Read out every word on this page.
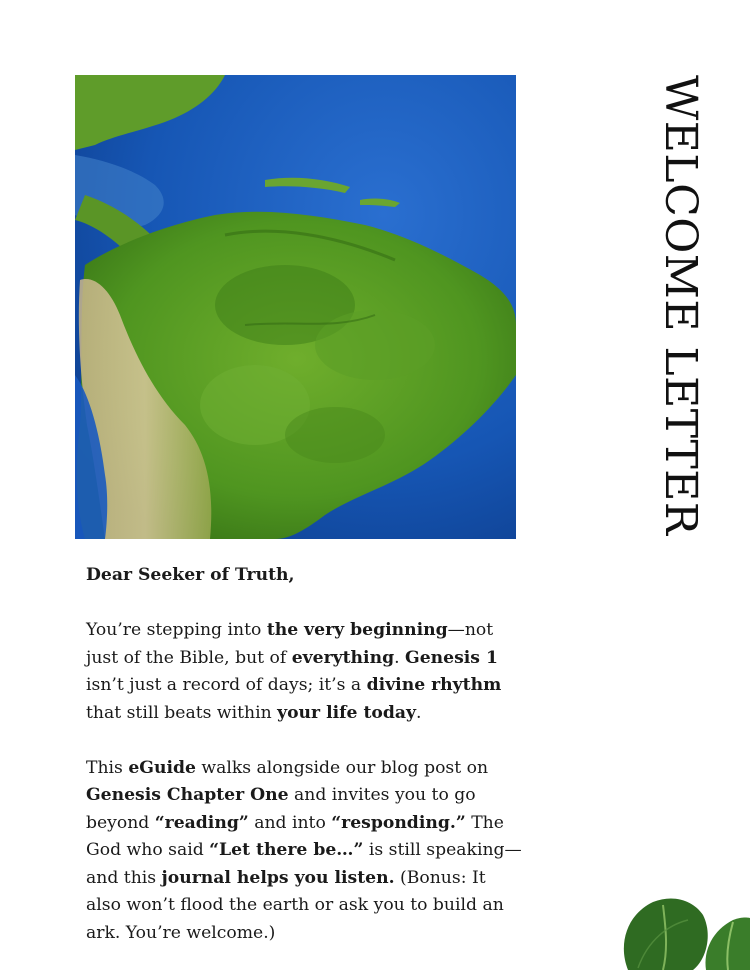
WELCOME LETTER

Dear Seeker of Truth,

You’re stepping into the very beginning—not just of the Bible, but of everything. Genesis 1 isn’t just a record of days; it’s a divine rhythm that still beats within your life today.

This eGuide walks alongside our blog post on Genesis Chapter One and invites you to go beyond “reading” and into “responding.” The God who said “Let there be…” is still speaking—and this journal helps you listen. (Bonus: It also won’t flood the earth or ask you to build an ark. You’re welcome.)
